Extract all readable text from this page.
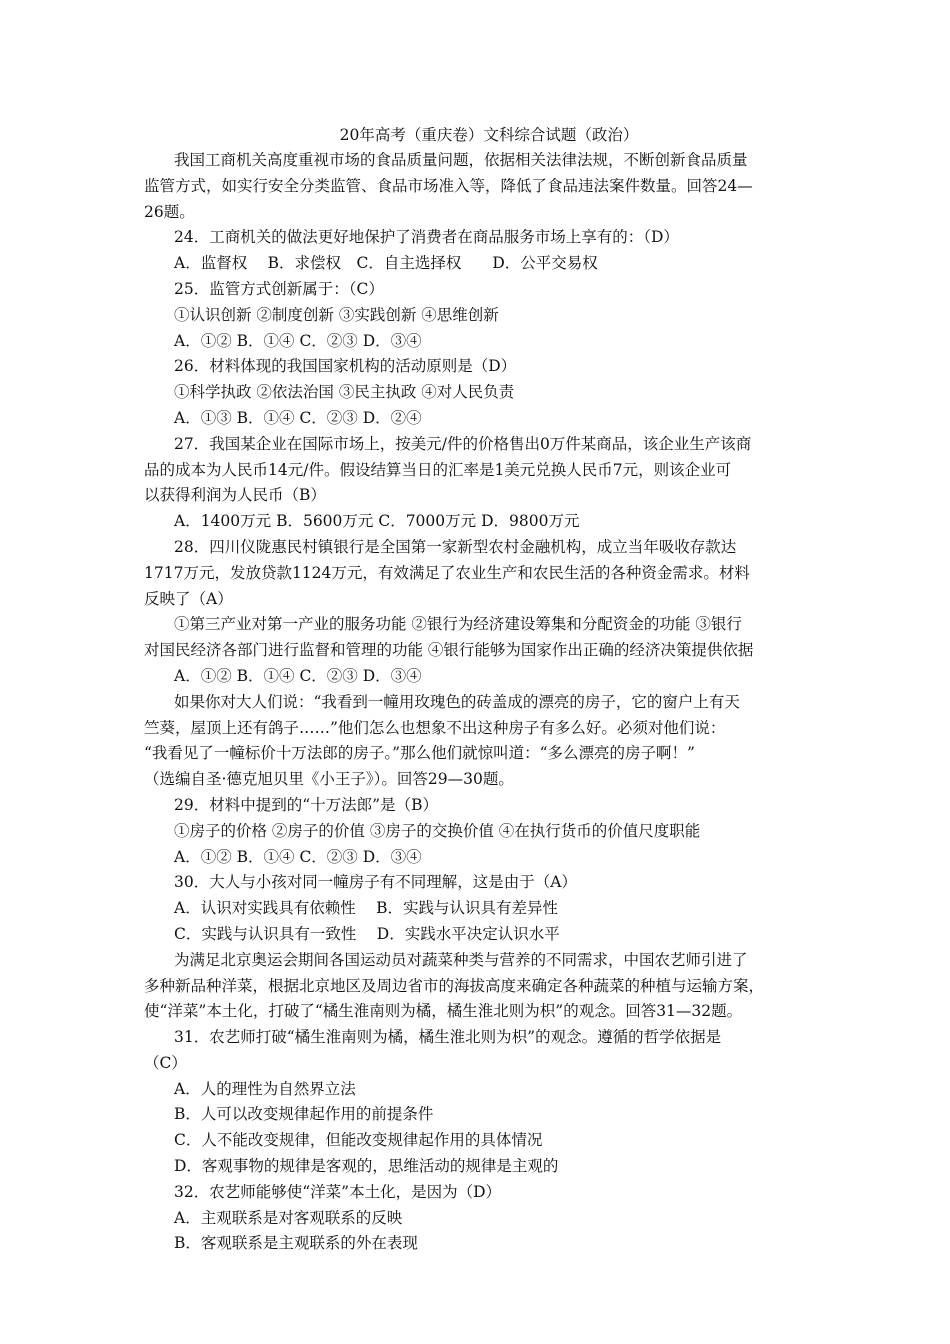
20年高考（重庆卷）文科综合试题（政治）

我国工商机关高度重视市场的食品质量问题，依据相关法律法规，不断创新食品质量

监管方式，如实行安全分类监管、食品市场准入等，降低了食品违法案件数量。回答24—

26题。

24．工商机关的做法更好地保护了消费者在商品服务市场上享有的：（D）

A．监督权　 B．求偿权　C．自主选择权　　D．公平交易权

25．监管方式创新属于：（C）

①认识创新 ②制度创新 ③实践创新 ④思维创新

A．①② B．①④ C．②③ D．③④

26．材料体现的我国国家机构的活动原则是（D）

①科学执政 ②依法治国 ③民主执政 ④对人民负责

A．①③ B．①④ C．②③ D．②④

27．我国某企业在国际市场上，按美元/件的价格售出0万件某商品，该企业生产该商

品的成本为人民币14元/件。假设结算当日的汇率是1美元兑换人民币7元，则该企业可

以获得利润为人民币（B）

A．1400万元 B．5600万元 C．7000万元 D．9800万元

28．四川仪陇惠民村镇银行是全国第一家新型农村金融机构，成立当年吸收存款达

1717万元，发放贷款1124万元，有效满足了农业生产和农民生活的各种资金需求。材料

反映了（A）

①第三产业对第一产业的服务功能 ②银行为经济建设筹集和分配资金的功能 ③银行

对国民经济各部门进行监督和管理的功能 ④银行能够为国家作出正确的经济决策提供依据

A．①② B．①④ C．②③ D．③④

如果你对大人们说：“我看到一幢用玫瑰色的砖盖成的漂亮的房子，它的窗户上有天

竺葵，屋顶上还有鸽子……”他们怎么也想象不出这种房子有多么好。必须对他们说：

“我看见了一幢标价十万法郎的房子。”那么他们就惊叫道：“多么漂亮的房子啊！”

（选编自圣·德克旭贝里《小王子》）。回答29—30题。

29．材料中提到的“十万法郎”是（B）

①房子的价格 ②房子的价值 ③房子的交换价值 ④在执行货币的价值尺度职能

A．①② B．①④ C．②③ D．③④

30．大人与小孩对同一幢房子有不同理解，这是由于（A）

A．认识对实践具有依赖性　 B．实践与认识具有差异性

C．实践与认识具有一致性　 D．实践水平决定认识水平

为满足北京奥运会期间各国运动员对蔬菜种类与营养的不同需求，中国农艺师引进了

多种新品种洋菜，根据北京地区及周边省市的海拔高度来确定各种蔬菜的种植与运输方案，

使“洋菜”本土化，打破了“橘生淮南则为橘，橘生淮北则为枳”的观念。回答31—32题。

31．农艺师打破“橘生淮南则为橘，橘生淮北则为枳”的观念。遵循的哲学依据是

（C）

A．人的理性为自然界立法

B．人可以改变规律起作用的前提条件

C．人不能改变规律，但能改变规律起作用的具体情况

D．客观事物的规律是客观的，思维活动的规律是主观的

32．农艺师能够使“洋菜”本土化，是因为（D）

A．主观联系是对客观联系的反映

B．客观联系是主观联系的外在表现
